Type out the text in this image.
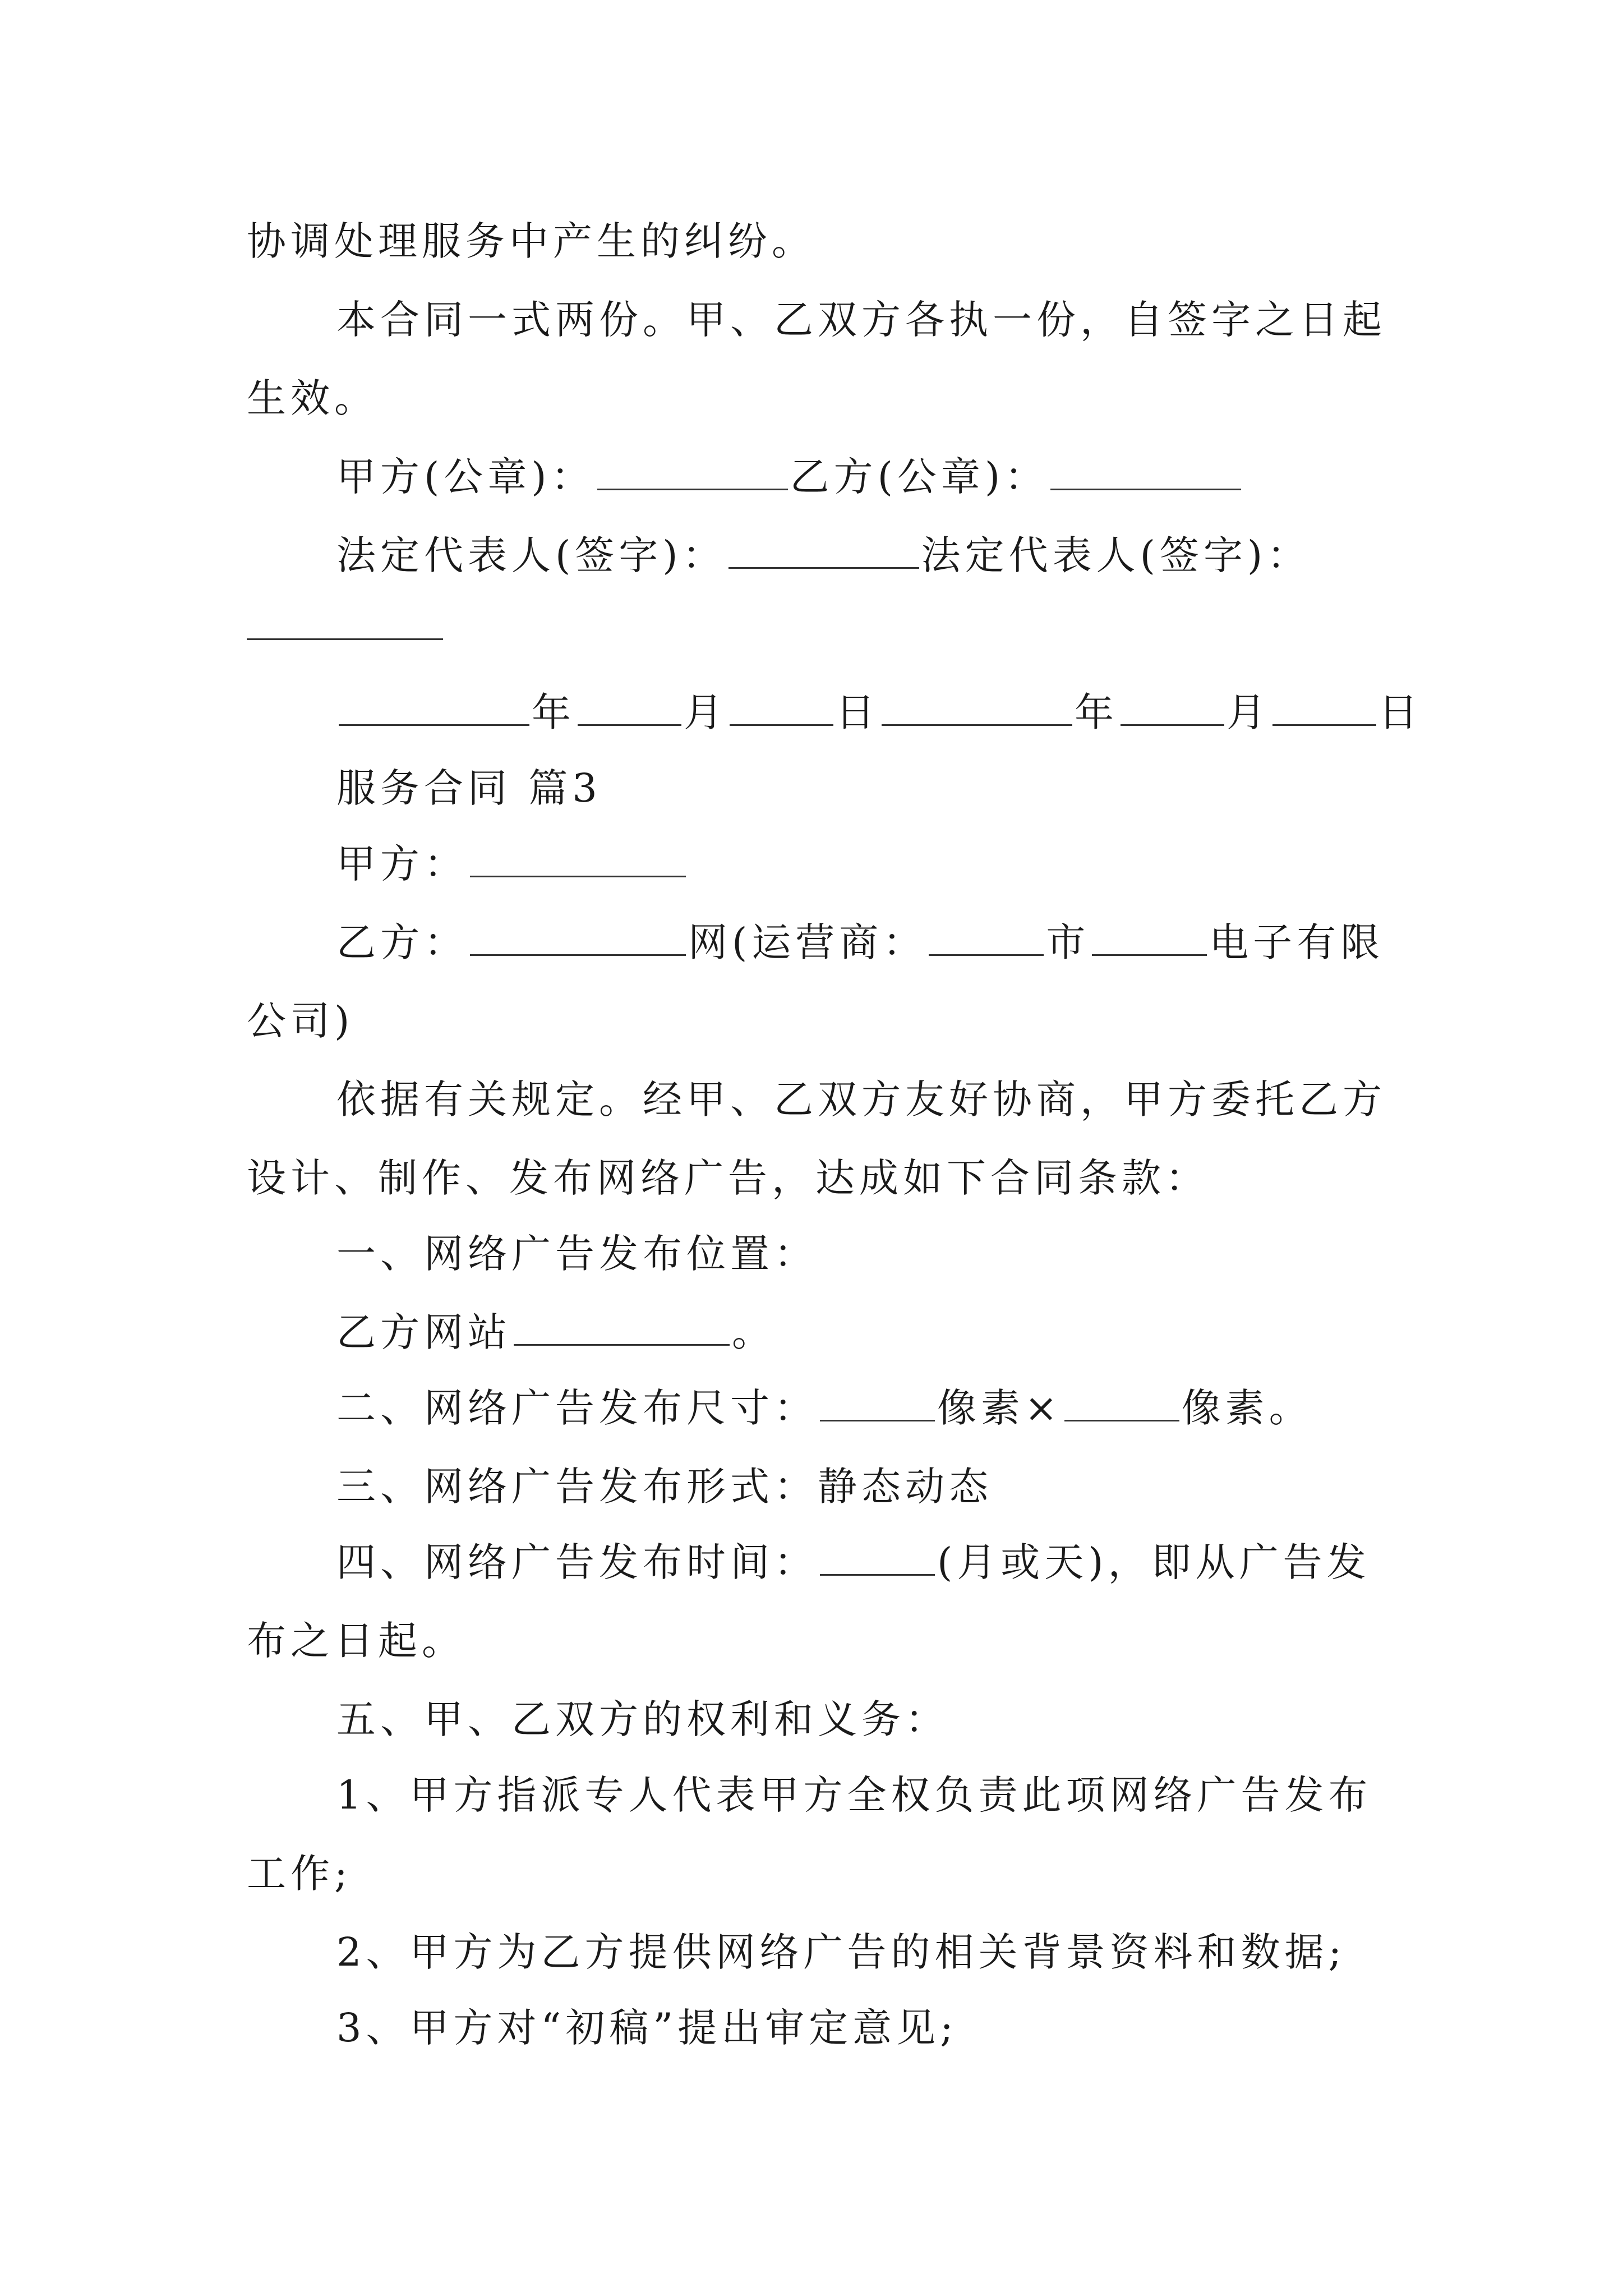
协调处理服务中产生的纠纷。
本合同一式两份。甲、乙双方各执一份，自签字之日起
生效。
甲方(公章)：	乙方(公章)：
法定代表人(签字)：	法定代表人(签字)：
年	月	日	年	月	日
服务合同 篇3
甲方：
乙方：	网(运营商：	市	电子有限
公司)
依据有关规定。经甲、乙双方友好协商，甲方委托乙方
设计、制作、发布网络广告，达成如下合同条款：
一、网络广告发布位置：
乙方网站	。
二、网络广告发布尺寸：	像素×	像素。
三、网络广告发布形式：静态动态
四、网络广告发布时间：	(月或天)，即从广告发
布之日起。
五、甲、乙双方的权利和义务：
1、甲方指派专人代表甲方全权负责此项网络广告发布
工作;
2、甲方为乙方提供网络广告的相关背景资料和数据;
3、甲方对“初稿”提出审定意见;
